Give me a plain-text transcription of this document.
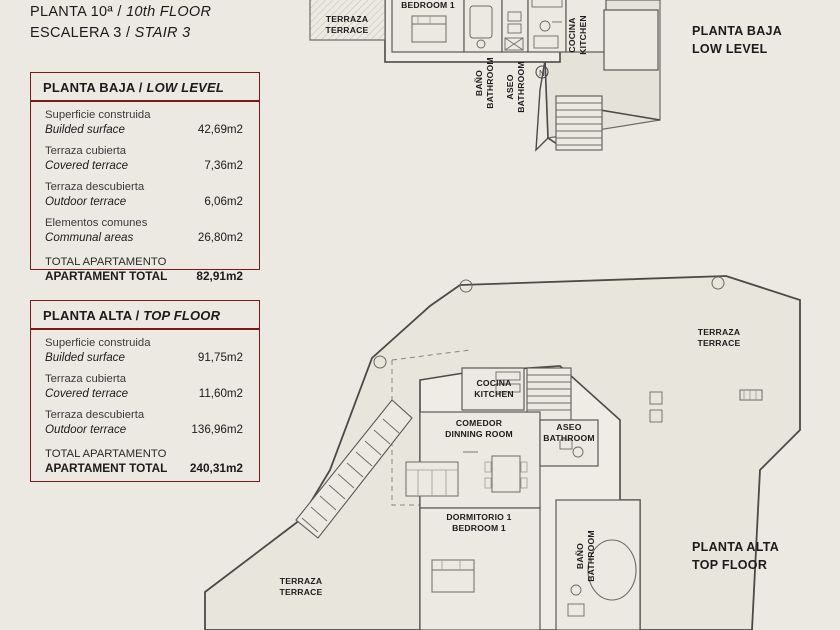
N
PLANTA 10ª / 10th FLOOR
ESCALERA 3 / STAIR 3
PLANTA BAJA / LOW LEVEL
Superficie construida
Builded surface	42,69m2
Terraza cubierta
Covered terrace	7,36m2
Terraza descubierta
Outdoor terrace	6,06m2
Elementos comunes
Communal areas	26,80m2
TOTAL APARTAMENTO
APARTAMENT TOTAL 82,91m2
PLANTA ALTA / TOP FLOOR
Superficie construida
Builded surface	91,75m2
Terraza cubierta
Covered terrace	11,60m2
Terraza descubierta
Outdoor terrace	136,96m2
TOTAL APARTAMENTO
APARTAMENT TOTAL 240,31m2
PLANTA BAJA
LOW LEVEL
PLANTA ALTA
TOP FLOOR
TERRAZA
TERRACE
BEDROOM 1
COCINA KITCHEN
BAÑO BATHROOM ASEO BATHROOM
TERRAZA
TERRACE
COCINA
KITCHEN
COMEDOR
DINNING ROOM
ASEO
BATHROOM
DORMITORIO 1
BEDROOM 1
BAÑO BATHROOM
TERRAZA
TERRACE
